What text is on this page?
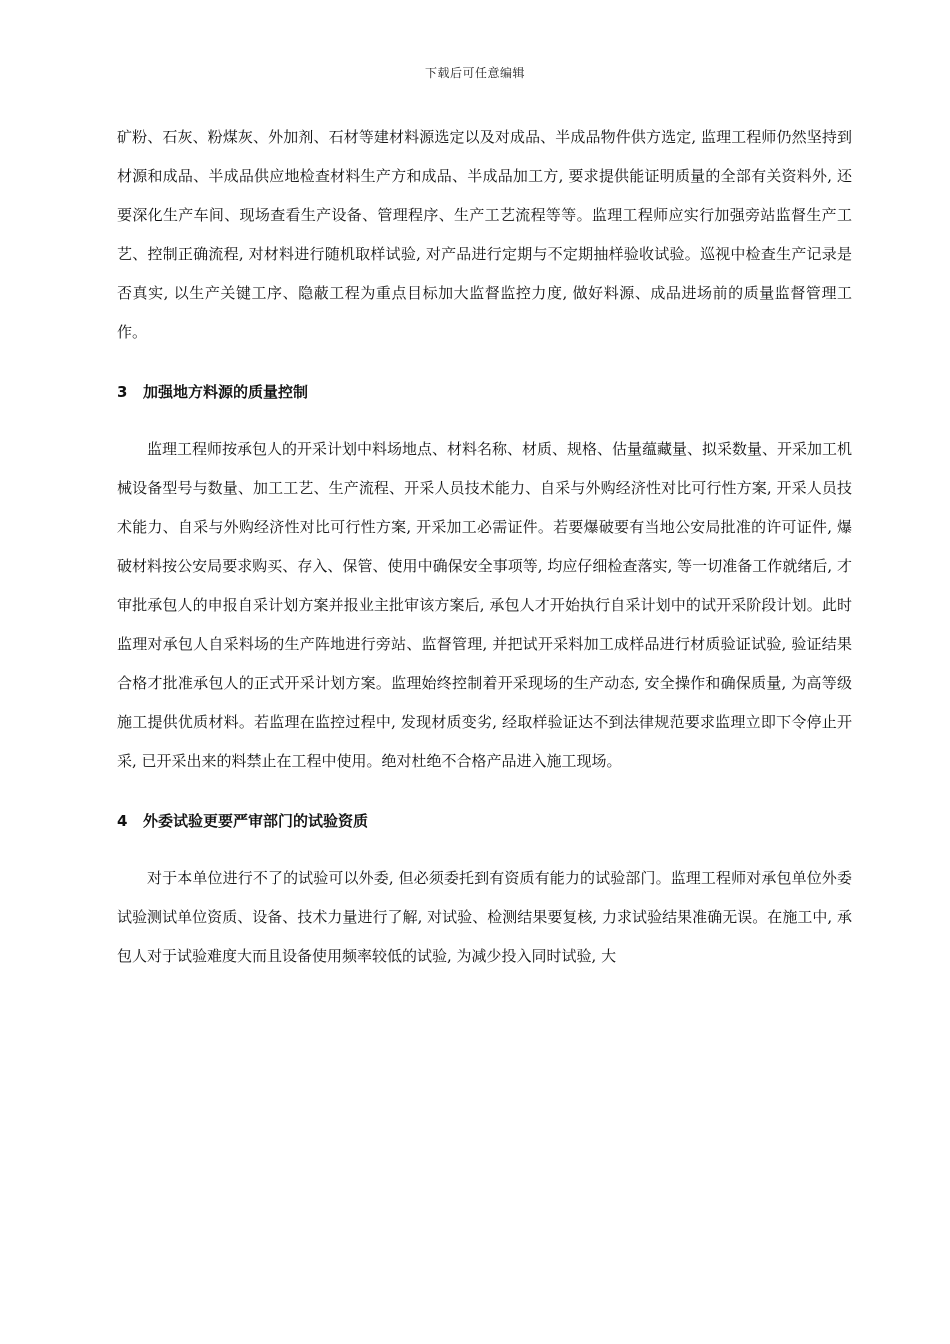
下载后可任意编辑

矿粉、石灰、粉煤灰、外加剂、石材等建材料源选定以及对成品、半成品物件供方选定, 监理工程师仍然坚持到材源和成品、半成品供应地检查材料生产方和成品、半成品加工方, 要求提供能证明质量的全部有关资料外, 还要深化生产车间、现场查看生产设备、管理程序、生产工艺流程等等。监理工程师应实行加强旁站监督生产工艺、控制正确流程, 对材料进行随机取样试验, 对产品进行定期与不定期抽样验收试验。巡视中检查生产记录是否真实, 以生产关键工序、隐蔽工程为重点目标加大监督监控力度, 做好料源、成品进场前的质量监督管理工作。

3 加强地方料源的质量控制

监理工程师按承包人的开采计划中料场地点、材料名称、材质、规格、估量蕴藏量、拟采数量、开采加工机械设备型号与数量、加工工艺、生产流程、开采人员技术能力、自采与外购经济性对比可行性方案, 开采人员技术能力、自采与外购经济性对比可行性方案, 开采加工必需证件。若要爆破要有当地公安局批准的许可证件, 爆破材料按公安局要求购买、存入、保管、使用中确保安全事项等, 均应仔细检查落实, 等一切准备工作就绪后, 才审批承包人的申报自采计划方案并报业主批审该方案后, 承包人才开始执行自采计划中的试开采阶段计划。此时监理对承包人自采料场的生产阵地进行旁站、监督管理, 并把试开采料加工成样品进行材质验证试验, 验证结果合格才批准承包人的正式开采计划方案。监理始终控制着开采现场的生产动态, 安全操作和确保质量, 为高等级施工提供优质材料。若监理在监控过程中, 发现材质变劣, 经取样验证达不到法律规范要求监理立即下令停止开采, 已开采出来的料禁止在工程中使用。绝对杜绝不合格产品进入施工现场。

4 外委试验更要严审部门的试验资质

对于本单位进行不了的试验可以外委, 但必须委托到有资质有能力的试验部门。监理工程师对承包单位外委试验测试单位资质、设备、技术力量进行了解, 对试验、检测结果要复核, 力求试验结果准确无误。在施工中, 承包人对于试验难度大而且设备使用频率较低的试验, 为减少投入同时试验, 大
